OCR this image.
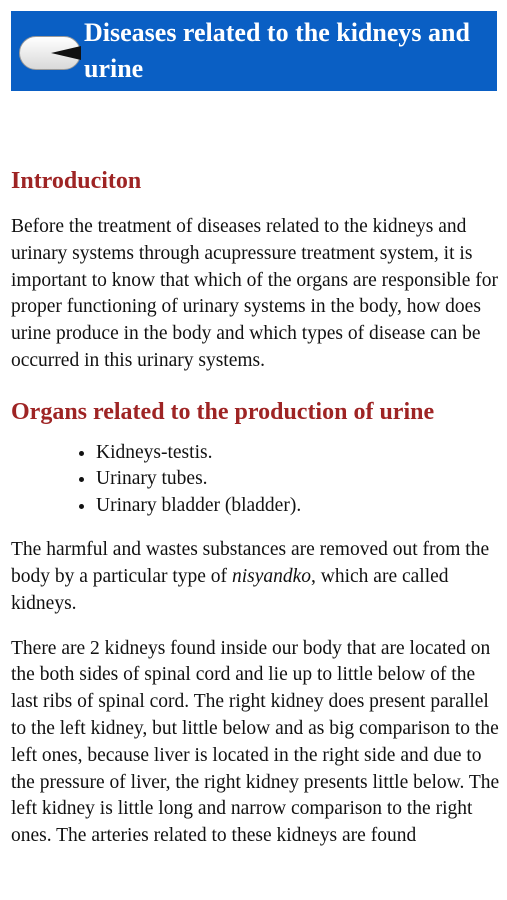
Diseases related to the kidneys and urine
Introduciton

Before the treatment of diseases related to the kidneys and urinary systems through acupressure treatment system, it is important to know that which of the organs are responsible for proper functioning of urinary systems in the body, how does urine produce in the body and which types of disease can be occurred in this urinary systems.

Organs related to the production of urine
• Kidneys-testis.
• Urinary tubes.
• Urinary bladder (bladder).

The harmful and wastes substances are removed out from the body by a particular type of nisyandko, which are called kidneys.

There are 2 kidneys found inside our body that are located on the both sides of spinal cord and lie up to little below of the last ribs of spinal cord. The right kidney does present parallel to the left kidney, but little below and as big comparison to the left ones, because liver is located in the right side and due to the pressure of liver, the right kidney presents little below. The left kidney is little long and narrow comparison to the right ones. The arteries related to these kidneys are found
